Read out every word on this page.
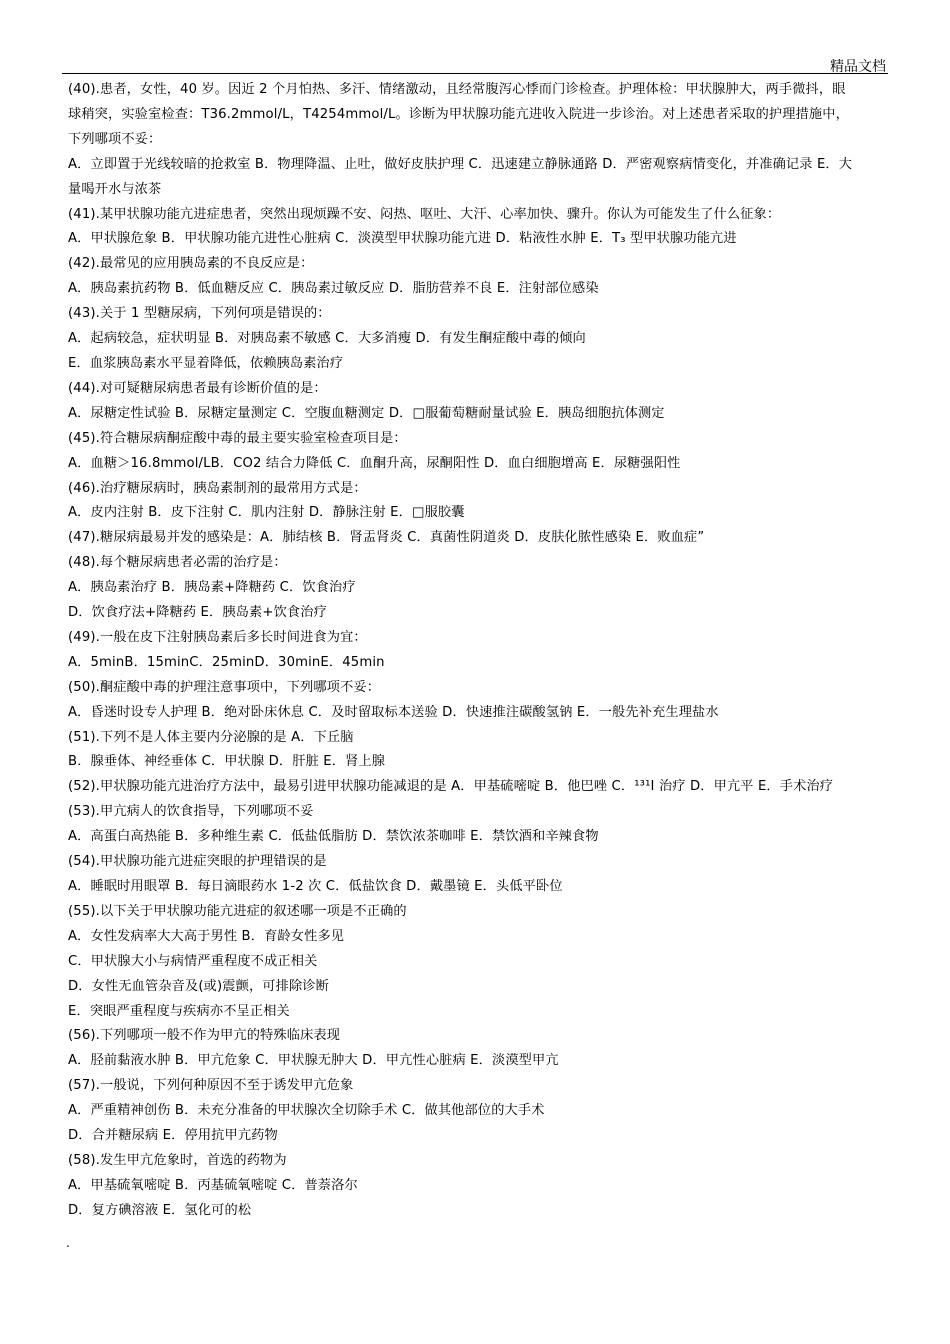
精品文档
(40).患者，女性，40 岁。因近 2 个月怕热、多汗、情绪激动，且经常腹泻心悸而门诊检查。护理体检：甲状腺肿大，两手微抖，眼
球稍突，实验室检查：T36.2mmol/L，T4254mmol/L。诊断为甲状腺功能亢进收入院进一步诊治。对上述患者采取的护理措施中，
下列哪项不妥：
A．立即置于光线较暗的抢救室 B．物理降温、止吐，做好皮肤护理 C．迅速建立静脉通路 D．严密观察病情变化，并准确记录 E．大
量喝开水与浓茶
(41).某甲状腺功能亢进症患者，突然出现烦躁不安、闷热、呕吐、大汗、心率加快、骤升。你认为可能发生了什么征象：
A．甲状腺危象 B．甲状腺功能亢进性心脏病 C．淡漠型甲状腺功能亢进 D．粘液性水肿 E．T₃ 型甲状腺功能亢进
(42).最常见的应用胰岛素的不良反应是：
A．胰岛素抗药物 B．低血糖反应 C．胰岛素过敏反应 D．脂肪营养不良 E．注射部位感染
(43).关于 1 型糖尿病，下列何项是错误的：
A．起病较急，症状明显 B．对胰岛素不敏感 C．大多消瘦 D．有发生酮症酸中毒的倾向
E．血浆胰岛素水平显着降低，依赖胰岛素治疗
(44).对可疑糖尿病患者最有诊断价值的是：
A．尿糖定性试验 B．尿糖定量测定 C．空腹血糖测定 D．□服葡萄糖耐量试验 E．胰岛细胞抗体测定
(45).符合糖尿病酮症酸中毒的最主要实验室检查项目是：
A．血糖＞16.8mmol/LB．CO2 结合力降低 C．血酮升高，尿酮阳性 D．血白细胞增高 E．尿糖强阳性
(46).治疗糖尿病时，胰岛素制剂的最常用方式是：
A．皮内注射 B．皮下注射 C．肌内注射 D．静脉注射 E．□服胶囊
(47).糖尿病最易并发的感染是：A．肺结核 B．肾盂肾炎 C．真菌性阴道炎 D．皮肤化脓性感染 E．败血症”
(48).每个糖尿病患者必需的治疗是：
A．胰岛素治疗 B．胰岛素+降糖药 C．饮食治疗
D．饮食疗法+降糖药 E．胰岛素+饮食治疗
(49).一般在皮下注射胰岛素后多长时间进食为宜：
A．5minB．15minC．25minD．30minE．45min
(50).酮症酸中毒的护理注意事项中，下列哪项不妥：
A．昏迷时设专人护理 B．绝对卧床休息 C．及时留取标本送验 D．快速推注碳酸氢钠 E．一般先补充生理盐水
(51).下列不是人体主要内分泌腺的是 A．下丘脑
B．腺垂体、神经垂体 C．甲状腺 D．肝脏 E．肾上腺
(52).甲状腺功能亢进治疗方法中，最易引进甲状腺功能减退的是 A．甲基硫嘧啶 B．他巴唑 C．¹³¹I 治疗 D．甲亢平 E．手术治疗
(53).甲亢病人的饮食指导，下列哪项不妥
A．高蛋白高热能 B．多种维生素 C．低盐低脂肪 D．禁饮浓茶咖啡 E．禁饮酒和辛辣食物
(54).甲状腺功能亢进症突眼的护理错误的是
A．睡眠时用眼罩 B．每日滴眼药水 1-2 次 C．低盐饮食 D．戴墨镜 E．头低平卧位
(55).以下关于甲状腺功能亢进症的叙述哪一项是不正确的
A．女性发病率大大高于男性 B．育龄女性多见
C．甲状腺大小与病情严重程度不成正相关
D．女性无血管杂音及(或)震颤，可排除诊断
E．突眼严重程度与疾病亦不呈正相关
(56).下列哪项一般不作为甲亢的特殊临床表现
A．胫前黏液水肿 B．甲亢危象 C．甲状腺无肿大 D．甲亢性心脏病 E．淡漠型甲亢
(57).一般说，下列何种原因不至于诱发甲亢危象
A．严重精神创伤 B．未充分准备的甲状腺次全切除手术 C．做其他部位的大手术
D．合并糖尿病 E．停用抗甲亢药物
(58).发生甲亢危象时，首选的药物为
A．甲基硫氧嘧啶 B．丙基硫氧嘧啶 C．普萘洛尔
D．复方碘溶液 E．氢化可的松
.
